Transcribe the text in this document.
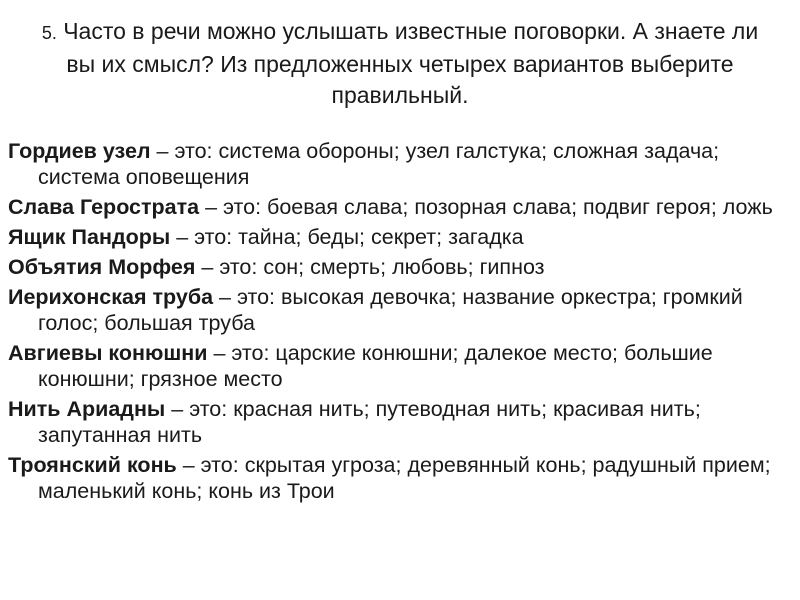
5. Часто в речи можно услышать известные поговорки. А знаете ли вы их смысл? Из предложенных четырех вариантов выберите правильный.
Гордиев узел – это: система обороны; узел галстука; сложная задача; система оповещения
Слава Герострата – это: боевая слава; позорная слава; подвиг героя; ложь
Ящик Пандоры – это: тайна; беды; секрет; загадка
Объятия Морфея – это: сон; смерть; любовь; гипноз
Иерихонская труба – это: высокая девочка; название оркестра; громкий голос; большая труба
Авгиевы конюшни – это: царские конюшни; далекое место; большие конюшни; грязное место
Нить Ариадны – это: красная нить; путеводная нить; красивая нить; запутанная нить
Троянский конь – это: скрытая угроза; деревянный конь; радушный прием; маленький конь; конь из Трои
